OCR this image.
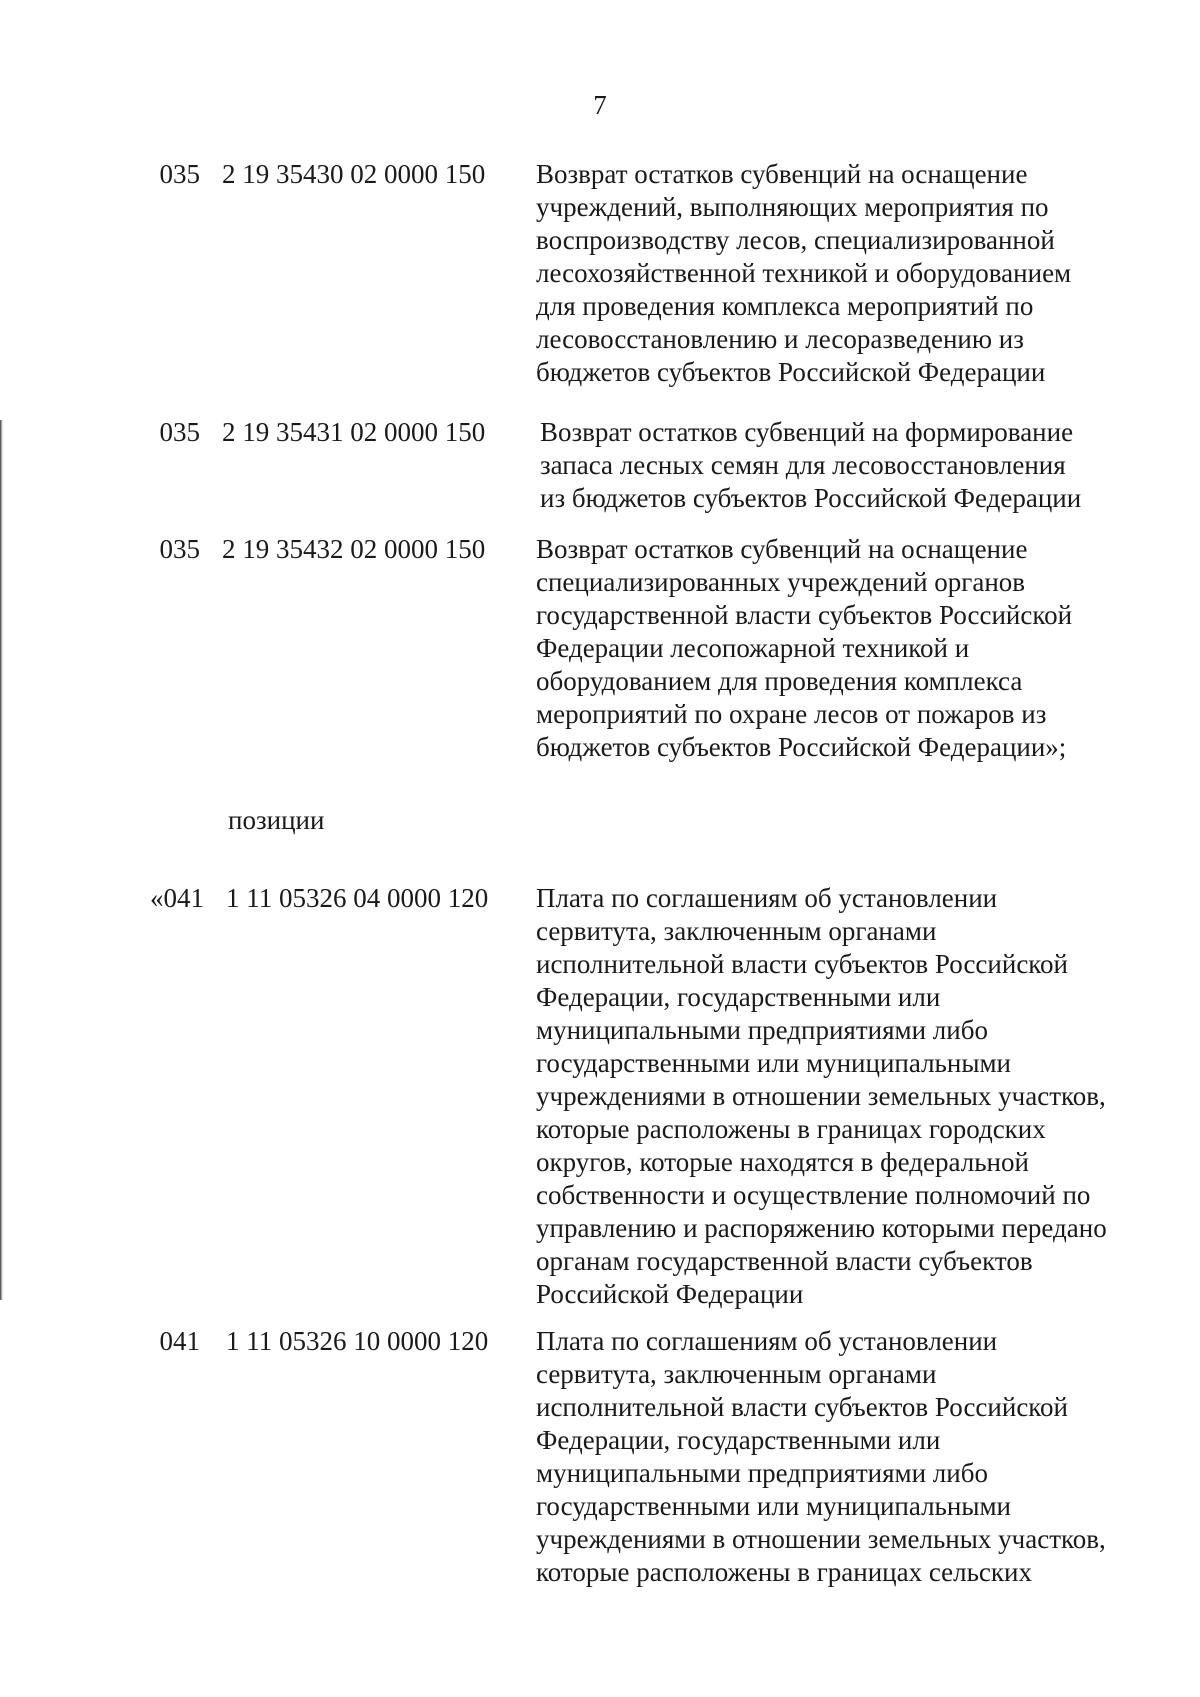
7
035 2 19 35430 02 0000 150 Возврат остатков субвенций на оснащение
учреждений, выполняющих мероприятия по
воспроизводству лесов, специализированной
лесохозяйственной техникой и оборудованием
для проведения комплекса мероприятий по
лесовосстановлению и лесоразведению из
бюджетов субъектов Российской Федерации
035 2 19 35431 02 0000 150 Возврат остатков субвенций на формирование
запаса лесных семян для лесовосстановления
из бюджетов субъектов Российской Федерации
035 2 19 35432 02 0000 150 Возврат остатков субвенций на оснащение
специализированных учреждений органов
государственной власти субъектов Российской
Федерации лесопожарной техникой и
оборудованием для проведения комплекса
мероприятий по охране лесов от пожаров из
бюджетов субъектов Российской Федерации»;
позиции
«041 1 11 05326 04 0000 120 Плата по соглашениям об установлении
сервитута, заключенным органами
исполнительной власти субъектов Российской
Федерации, государственными или
муниципальными предприятиями либо
государственными или муниципальными
учреждениями в отношении земельных участков,
которые расположены в границах городских
округов, которые находятся в федеральной
собственности и осуществление полномочий по
управлению и распоряжению которыми передано
органам государственной власти субъектов
Российской Федерации
041 1 11 05326 10 0000 120 Плата по соглашениям об установлении
сервитута, заключенным органами
исполнительной власти субъектов Российской
Федерации, государственными или
муниципальными предприятиями либо
государственными или муниципальными
учреждениями в отношении земельных участков,
которые расположены в границах сельских
